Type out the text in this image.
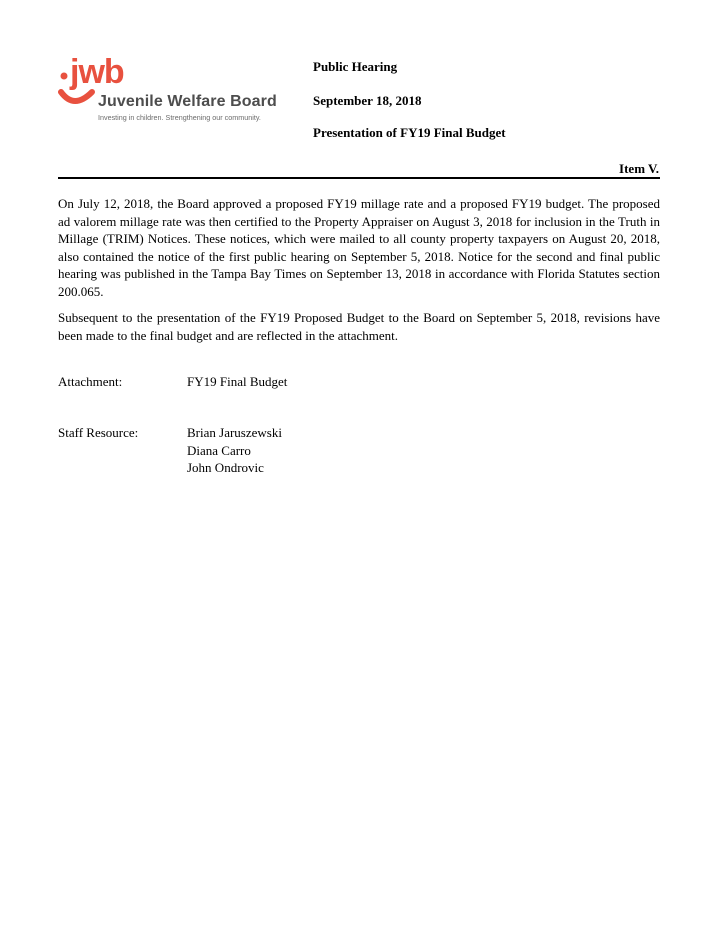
jwb
Juvenile Welfare Board
Investing in children. Strengthening our community.
Public Hearing
September 18, 2018
Presentation of FY19 Final Budget
Item V.
On July 12, 2018, the Board approved a proposed FY19 millage rate and a proposed FY19 budget. The proposed ad valorem millage rate was then certified to the Property Appraiser on August 3, 2018 for inclusion in the Truth in Millage (TRIM) Notices. These notices, which were mailed to all county property taxpayers on August 20, 2018, also contained the notice of the first public hearing on September 5, 2018. Notice for the second and final public hearing was published in the Tampa Bay Times on September 13, 2018 in accordance with Florida Statutes section 200.065.
Subsequent to the presentation of the FY19 Proposed Budget to the Board on September 5, 2018, revisions have been made to the final budget and are reflected in the attachment.
Attachment:	FY19 Final Budget
Staff Resource:	Brian Jaruszewski
Diana Carro
John Ondrovic
